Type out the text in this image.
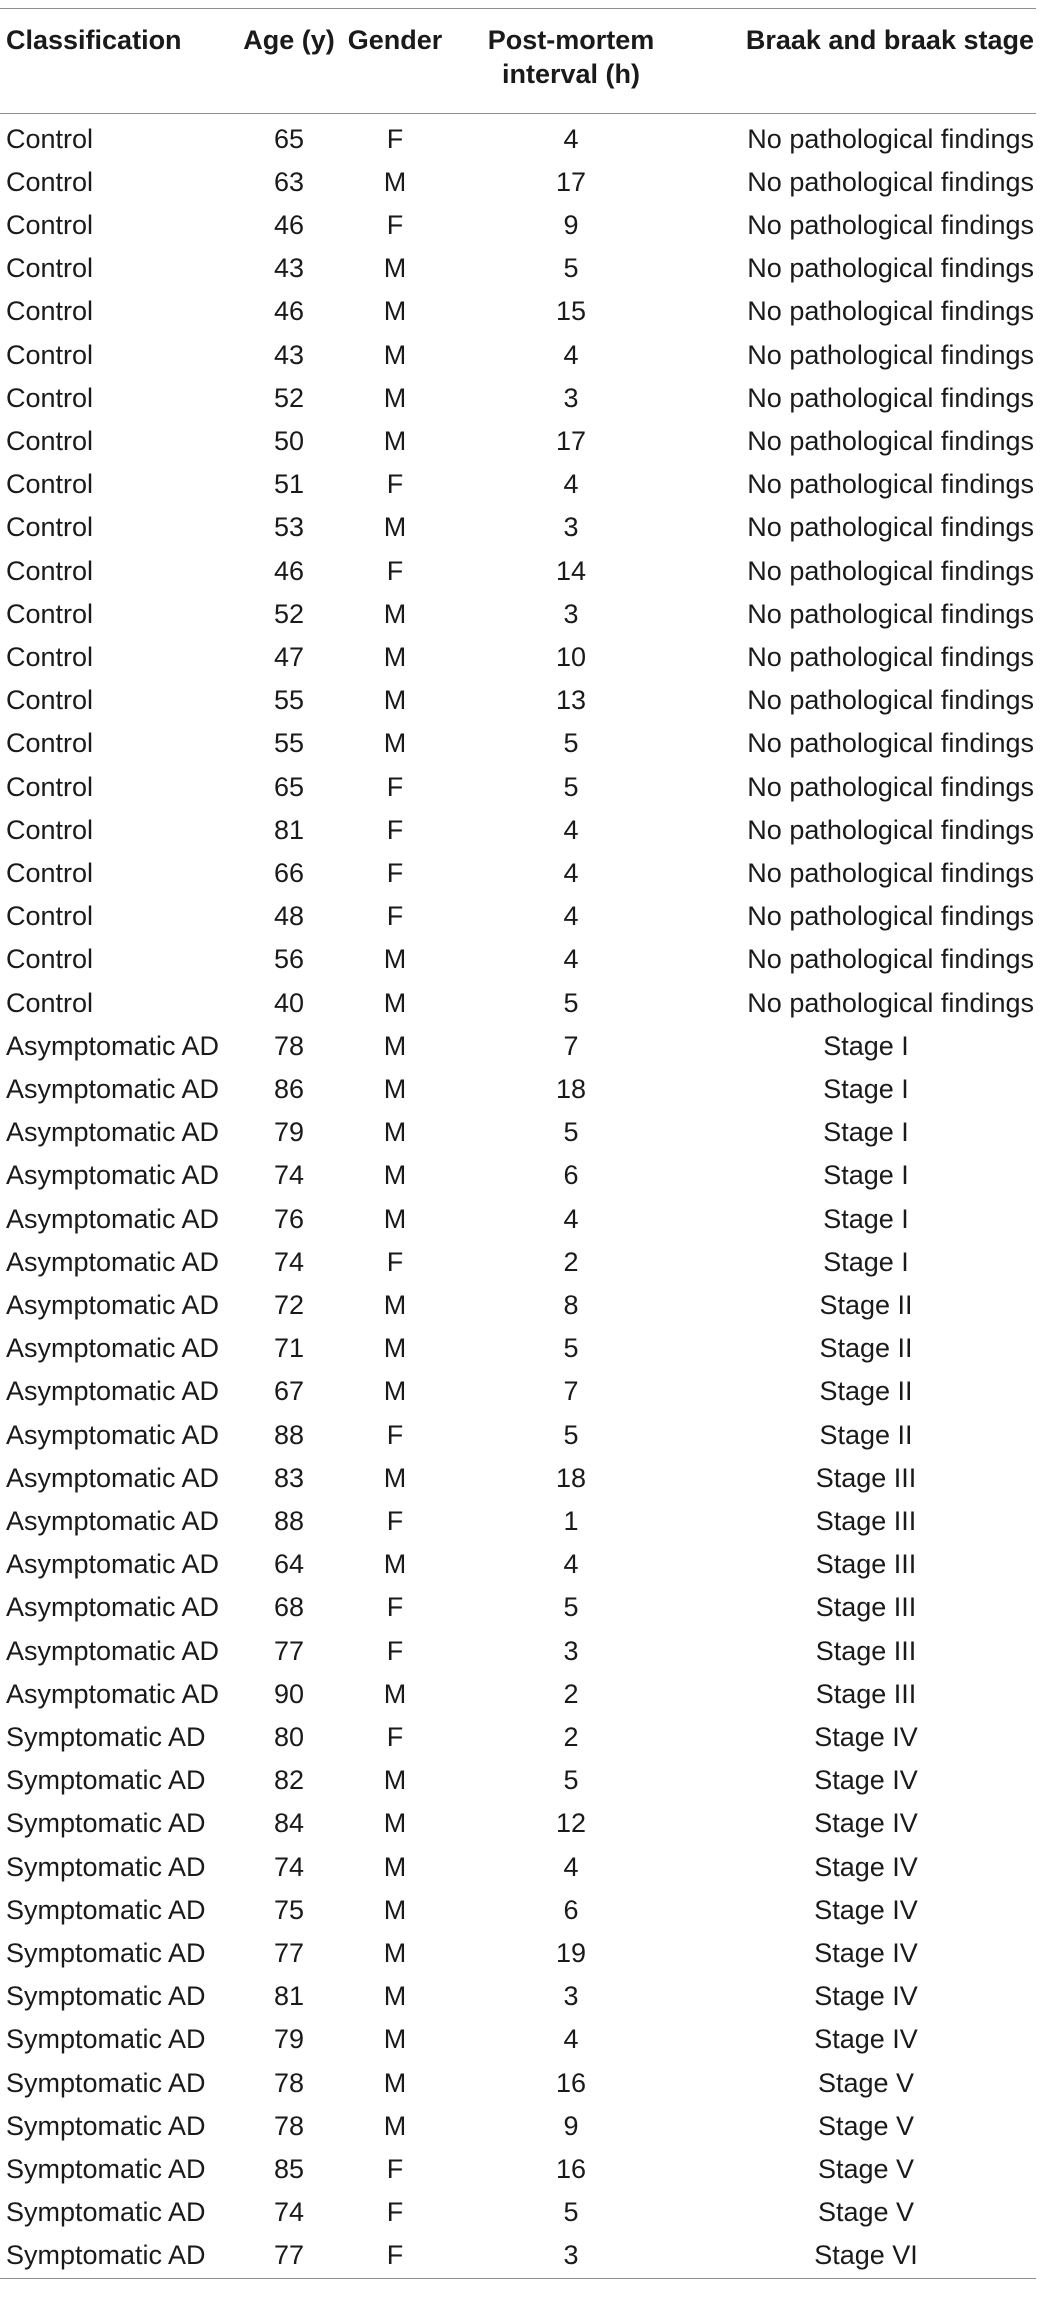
Classification	Age (y)	Gender	Post-mortem
interval (h)	Braak and braak stage
Control	65	F	4	No pathological findings
Control	63	M	17	No pathological findings
Control	46	F	9	No pathological findings
Control	43	M	5	No pathological findings
Control	46	M	15	No pathological findings
Control	43	M	4	No pathological findings
Control	52	M	3	No pathological findings
Control	50	M	17	No pathological findings
Control	51	F	4	No pathological findings
Control	53	M	3	No pathological findings
Control	46	F	14	No pathological findings
Control	52	M	3	No pathological findings
Control	47	M	10	No pathological findings
Control	55	M	13	No pathological findings
Control	55	M	5	No pathological findings
Control	65	F	5	No pathological findings
Control	81	F	4	No pathological findings
Control	66	F	4	No pathological findings
Control	48	F	4	No pathological findings
Control	56	M	4	No pathological findings
Control	40	M	5	No pathological findings
Asymptomatic AD	78	M	7	Stage I
Asymptomatic AD	86	M	18	Stage I
Asymptomatic AD	79	M	5	Stage I
Asymptomatic AD	74	M	6	Stage I
Asymptomatic AD	76	M	4	Stage I
Asymptomatic AD	74	F	2	Stage I
Asymptomatic AD	72	M	8	Stage II
Asymptomatic AD	71	M	5	Stage II
Asymptomatic AD	67	M	7	Stage II
Asymptomatic AD	88	F	5	Stage II
Asymptomatic AD	83	M	18	Stage III
Asymptomatic AD	88	F	1	Stage III
Asymptomatic AD	64	M	4	Stage III
Asymptomatic AD	68	F	5	Stage III
Asymptomatic AD	77	F	3	Stage III
Asymptomatic AD	90	M	2	Stage III
Symptomatic AD	80	F	2	Stage IV
Symptomatic AD	82	M	5	Stage IV
Symptomatic AD	84	M	12	Stage IV
Symptomatic AD	74	M	4	Stage IV
Symptomatic AD	75	M	6	Stage IV
Symptomatic AD	77	M	19	Stage IV
Symptomatic AD	81	M	3	Stage IV
Symptomatic AD	79	M	4	Stage IV
Symptomatic AD	78	M	16	Stage V
Symptomatic AD	78	M	9	Stage V
Symptomatic AD	85	F	16	Stage V
Symptomatic AD	74	F	5	Stage V
Symptomatic AD	77	F	3	Stage VI
